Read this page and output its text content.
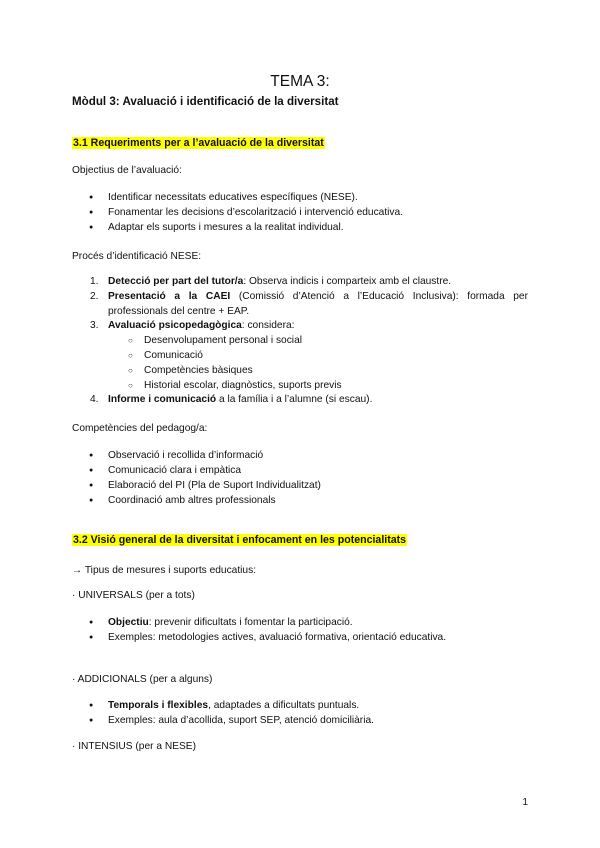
TEMA 3:
Mòdul 3: Avaluació i identificació de la diversitat
3.1 Requeriments per a l’avaluació de la diversitat
Objectius de l’avaluació:
● Identificar necessitats educatives específiques (NESE).
● Fonamentar les decisions d’escolarització i intervenció educativa.
● Adaptar els suports i mesures a la realitat individual.
Procés d’identificació NESE:
1. Detecció per part del tutor/a: Observa indicis i comparteix amb el claustre.
2. Presentació a la CAEI (Comissió d’Atenció a l’Educació Inclusiva): formada per professionals del centre + EAP.
3. Avaluació psicopedagògica: considera:
○ Desenvolupament personal i social
○ Comunicació
○ Competències bàsiques
○ Historial escolar, diagnòstics, suports previs
4. Informe i comunicació a la família i a l’alumne (si escau).
Competències del pedagog/a:
● Observació i recollida d’informació
● Comunicació clara i empàtica
● Elaboració del PI (Pla de Suport Individualitzat)
● Coordinació amb altres professionals
3.2 Visió general de la diversitat i enfocament en les potencialitats
→ Tipus de mesures i suports educatius:
· UNIVERSALS (per a tots)
● Objectiu: prevenir dificultats i fomentar la participació.
● Exemples: metodologies actives, avaluació formativa, orientació educativa.
· ADDICIONALS (per a alguns)
● Temporals i flexibles, adaptades a dificultats puntuals.
● Exemples: aula d’acollida, suport SEP, atenció domiciliària.
· INTENSIUS (per a NESE)
1
